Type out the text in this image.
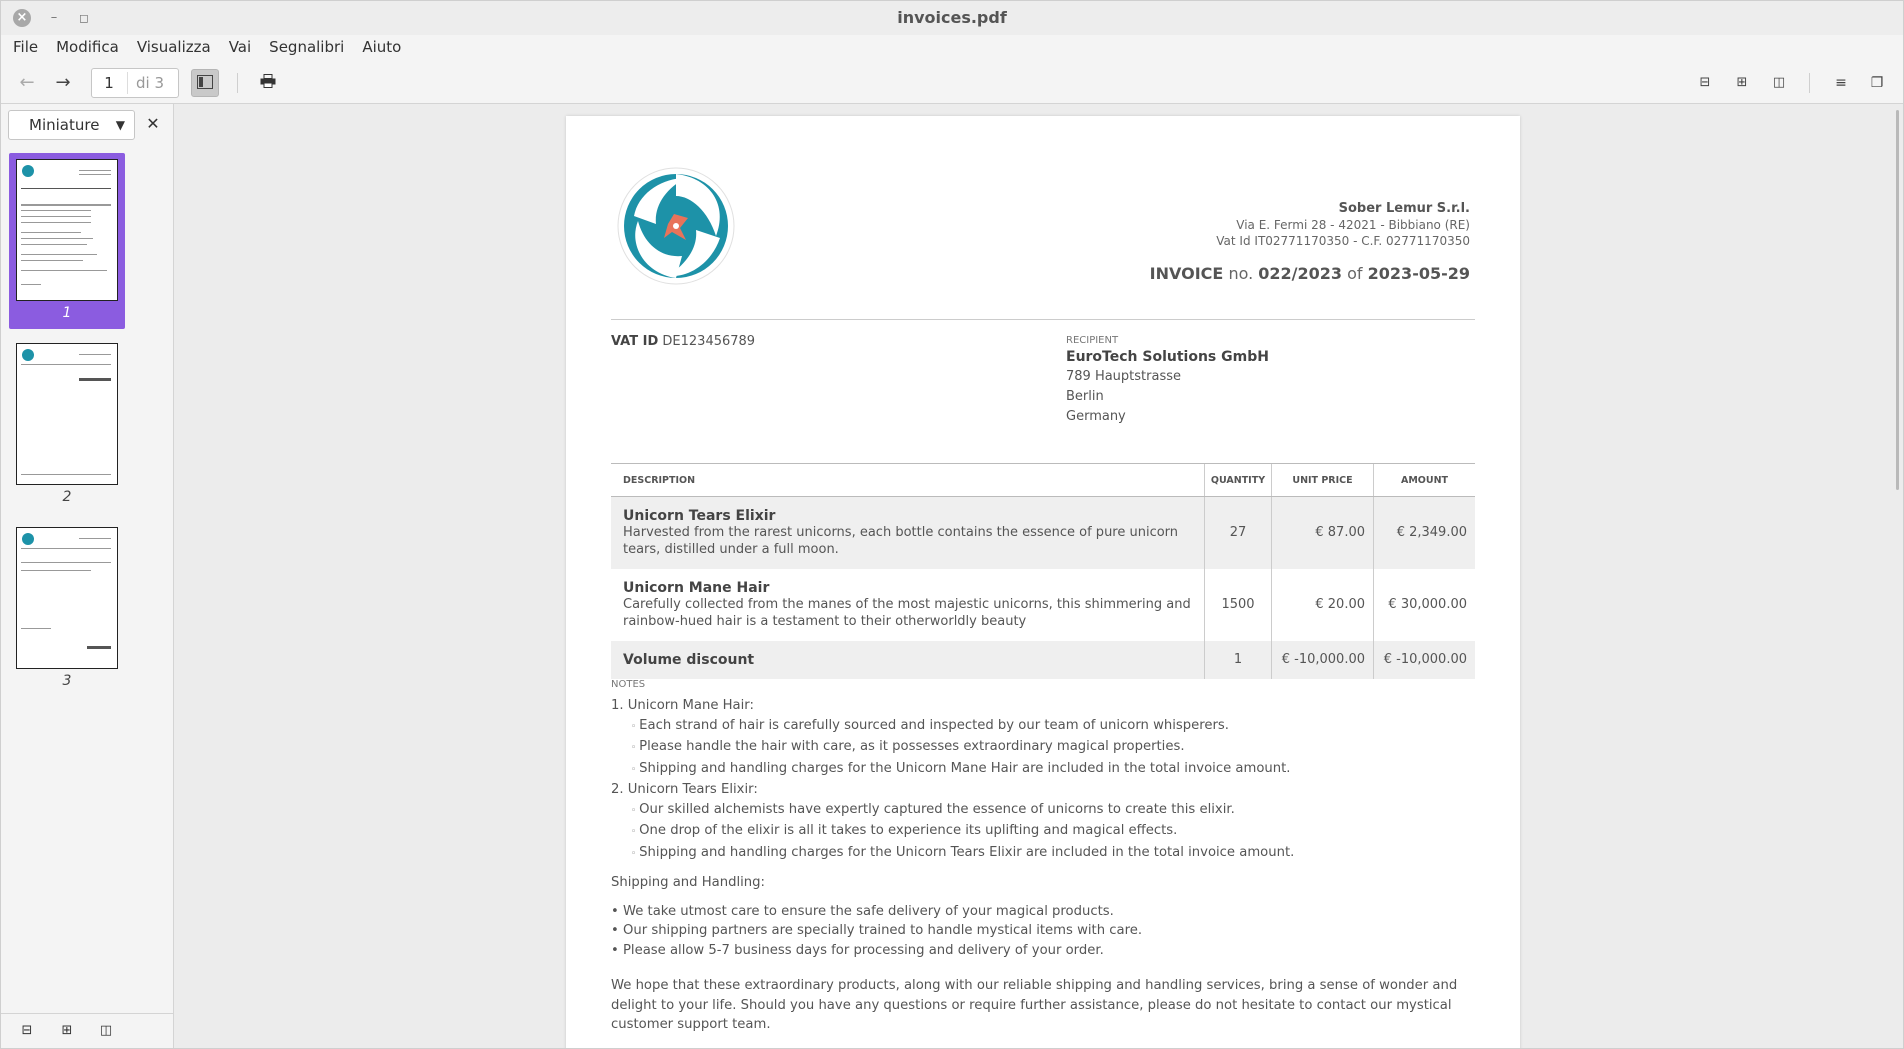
×	–	◻	invoices.pdf
File Modifica Visualizza Vai Segnalibri Aiuto
←	→
1	di 3	⊟	⊞	◫	≡	❐
Miniature ▼ ✕
1
2
3
⊟ ⊞ ◫
Sober Lemur S.r.l.
Via E. Fermi 28 - 42021 - Bibbiano (RE)
Vat Id IT02771170350 - C.F. 02771170350
INVOICE no. 022/2023 of 2023-05-29
VAT ID DE123456789	RECIPIENT
EuroTech Solutions GmbH
789 Hauptstrasse
Berlin
Germany
DESCRIPTION	QUANTITY	UNIT PRICE	AMOUNT

Unicorn Tears Elixir
Harvested from the rarest unicorns, each bottle contains the essence of pure unicorn tears, distilled under a full moon.	27	€ 87.00	€ 2,349.00

Unicorn Mane Hair
Carefully collected from the manes of the most majestic unicorns, this shimmering and rainbow-hued hair is a testament to their otherworldly beauty	1500	€ 20.00	€ 30,000.00

Volume discount	1	€ -10,000.00	€ -10,000.00
NOTES

1. Unicorn Mane Hair:

◦ Each strand of hair is carefully sourced and inspected by our team of unicorn whisperers.

◦ Please handle the hair with care, as it possesses extraordinary magical properties.

◦ Shipping and handling charges for the Unicorn Mane Hair are included in the total invoice amount.

2. Unicorn Tears Elixir:

◦ Our skilled alchemists have expertly captured the essence of unicorns to create this elixir.

◦ One drop of the elixir is all it takes to experience its uplifting and magical effects.

◦ Shipping and handling charges for the Unicorn Tears Elixir are included in the total invoice amount.

Shipping and Handling:

• We take utmost care to ensure the safe delivery of your magical products.

• Our shipping partners are specially trained to handle mystical items with care.

• Please allow 5-7 business days for processing and delivery of your order.

We hope that these extraordinary products, along with our reliable shipping and handling services, bring a sense of wonder and delight to your life. Should you have any questions or require further assistance, please do not hesitate to contact our mystical customer support team.
